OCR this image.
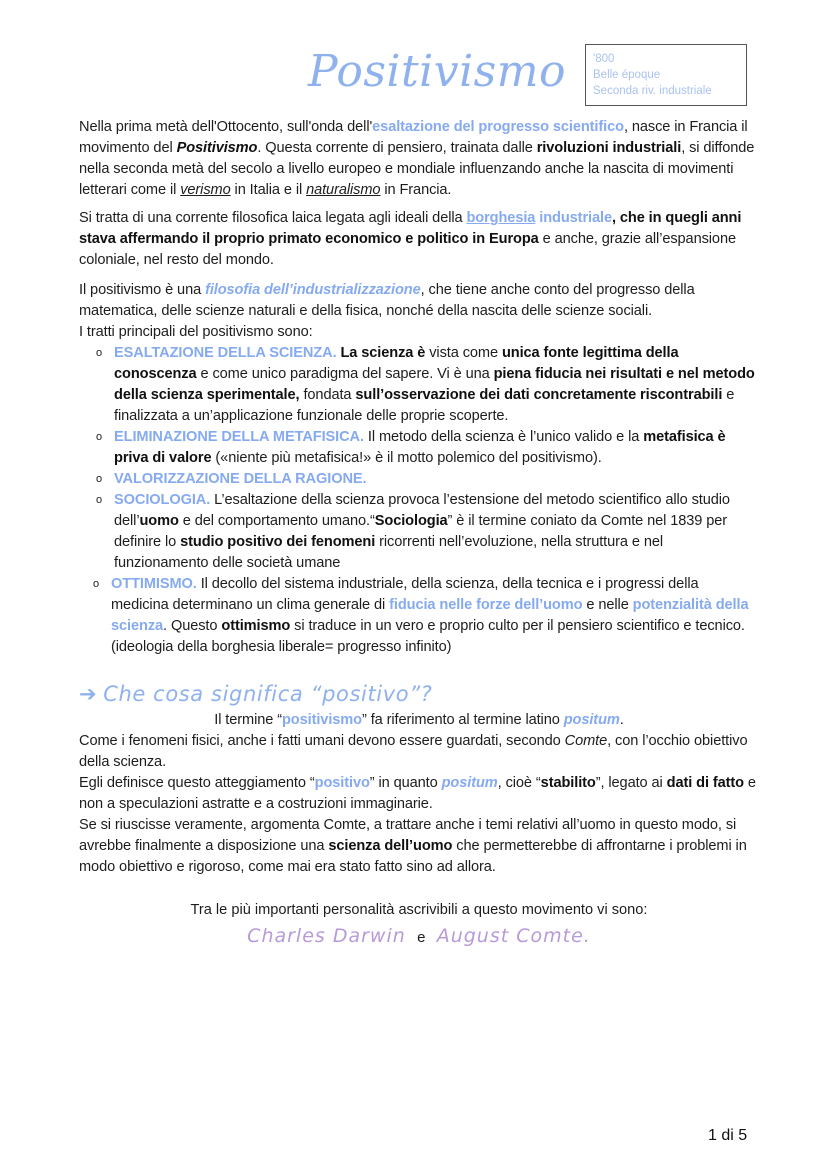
Positivismo '800
Belle époque
Seconda riv. industriale

Nella prima metà dell'Ottocento, sull'onda dell'esaltazione del progresso scientifico, nasce in Francia il movimento del Positivismo. Questa corrente di pensiero, trainata dalle rivoluzioni industriali, si diffonde nella seconda metà del secolo a livello europeo e mondiale influenzando anche la nascita di movimenti letterari come il verismo in Italia e il naturalismo in Francia.

Si tratta di una corrente filosofica laica legata agli ideali della borghesia industriale, che in quegli anni stava affermando il proprio primato economico e politico in Europa e anche, grazie all’espansione coloniale, nel resto del mondo.

Il positivismo è una filosofia dell’industrializzazione, che tiene anche conto del progresso della matematica, delle scienze naturali e della fisica, nonché della nascita delle scienze sociali.

I tratti principali del positivismo sono:

o ESALTAZIONE DELLA SCIENZA. La scienza è vista come unica fonte legittima della conoscenza e come unico paradigma del sapere. Vi è una piena fiducia nei risultati e nel metodo della scienza sperimentale, fondata sull’osservazione dei dati concretamente riscontrabili e finalizzata a un’applicazione funzionale delle proprie scoperte.
o ELIMINAZIONE DELLA METAFISICA. Il metodo della scienza è l’unico valido e la metafisica è priva di valore («niente più metafisica!» è il motto polemico del positivismo).
o VALORIZZAZIONE DELLA RAGIONE.
o SOCIOLOGIA. L’esaltazione della scienza provoca l’estensione del metodo scientifico allo studio dell’uomo e del comportamento umano.“Sociologia” è il termine coniato da Comte nel 1839 per definire lo studio positivo dei fenomeni ricorrenti nell’evoluzione, nella struttura e nel funzionamento delle società umane
o OTTIMISMO. Il decollo del sistema industriale, della scienza, della tecnica e i progressi della medicina determinano un clima generale di fiducia nelle forze dell’uomo e nelle potenzialità della scienza. Questo ottimismo si traduce in un vero e proprio culto per il pensiero scientifico e tecnico. (ideologia della borghesia liberale= progresso infinito)
➔ Che cosa significa “positivo”?

Il termine “positivismo” fa riferimento al termine latino positum.

Come i fenomeni fisici, anche i fatti umani devono essere guardati, secondo Comte, con l’occhio obiettivo della scienza.

Egli definisce questo atteggiamento “positivo” in quanto positum, cioè “stabilito”, legato ai dati di fatto e non a speculazioni astratte e a costruzioni immaginarie.

Se si riuscisse veramente, argomenta Comte, a trattare anche i temi relativi all’uomo in questo modo, si avrebbe finalmente a disposizione una scienza dell’uomo che permetterebbe di affrontarne i problemi in modo obiettivo e rigoroso, come mai era stato fatto sino ad allora.

Tra le più importanti personalità ascrivibili a questo movimento vi sono:
Charles Darwin e August Comte.
1 di 5
